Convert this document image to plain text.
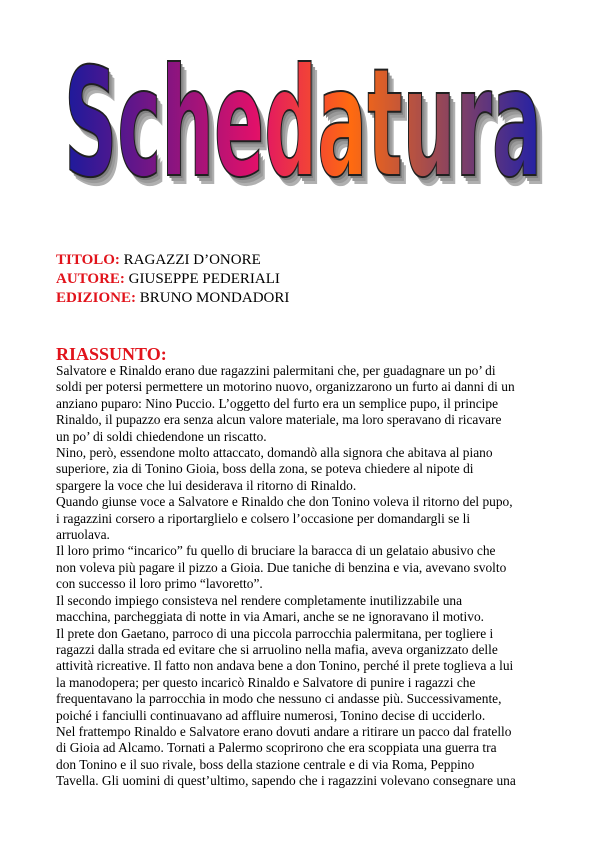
Schedatura
Schedatura
Schedatura
Schedatura
TITOLO: RAGAZZI D’ONORE
AUTORE: GIUSEPPE PEDERIALI
EDIZIONE: BRUNO MONDADORI
RIASSUNTO:
Salvatore e Rinaldo erano due ragazzini palermitani che, per guadagnare un po’ di
soldi per potersi permettere un motorino nuovo, organizzarono un furto ai danni di un
anziano puparo: Nino Puccio. L’oggetto del furto era un semplice pupo, il principe
Rinaldo, il pupazzo era senza alcun valore materiale, ma loro speravano di ricavare
un po’ di soldi chiedendone un riscatto.
Nino, però, essendone molto attaccato, domandò alla signora che abitava al piano
superiore, zia di Tonino Gioia, boss della zona, se poteva chiedere al nipote di
spargere la voce che lui desiderava il ritorno di Rinaldo.
Quando giunse voce a Salvatore e Rinaldo che don Tonino voleva il ritorno del pupo,
i ragazzini corsero a riportarglielo e colsero l’occasione per domandargli se li
arruolava.
Il loro primo “incarico” fu quello di bruciare la baracca di un gelataio abusivo che
non voleva più pagare il pizzo a Gioia. Due taniche di benzina e via, avevano svolto
con successo il loro primo “lavoretto”.
Il secondo impiego consisteva nel rendere completamente inutilizzabile una
macchina, parcheggiata di notte in via Amari, anche se ne ignoravano il motivo.
Il prete don Gaetano, parroco di una piccola parrocchia palermitana, per togliere i
ragazzi dalla strada ed evitare che si arruolino nella mafia, aveva organizzato delle
attività ricreative. Il fatto non andava bene a don Tonino, perché il prete toglieva a lui
la manodopera; per questo incaricò Rinaldo e Salvatore di punire i ragazzi che
frequentavano la parrocchia in modo che nessuno ci andasse più. Successivamente,
poiché i fanciulli continuavano ad affluire numerosi, Tonino decise di ucciderlo.
Nel frattempo Rinaldo e Salvatore erano dovuti andare a ritirare un pacco dal fratello
di Gioia ad Alcamo. Tornati a Palermo scoprirono che era scoppiata una guerra tra
don Tonino e il suo rivale, boss della stazione centrale e di via Roma, Peppino
Tavella. Gli uomini di quest’ultimo, sapendo che i ragazzini volevano consegnare una
